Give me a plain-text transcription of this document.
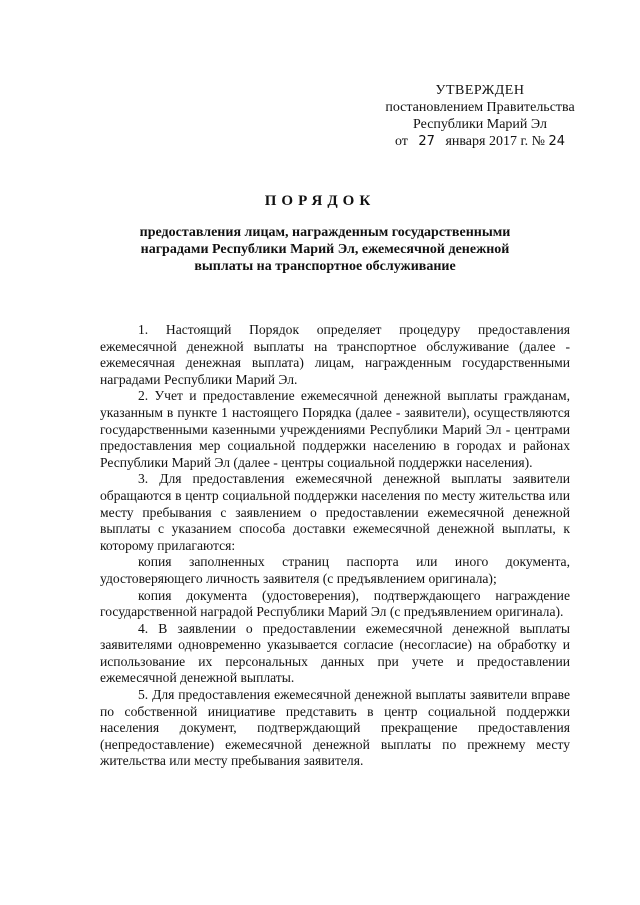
УТВЕРЖДЕН
постановлением Правительства
Республики Марий Эл
от 27 января 2017 г. № 24
ПОРЯДОК
предоставления лицам, награжденным государственными наградами Республики Марий Эл, ежемесячной денежной выплаты на транспортное обслуживание

1. Настоящий Порядок определяет процедуру предоставления ежемесячной денежной выплаты на транспортное обслуживание (далее - ежемесячная денежная выплата) лицам, награжденным государственными наградами Республики Марий Эл.

2. Учет и предоставление ежемесячной денежной выплаты гражданам, указанным в пункте 1 настоящего Порядка (далее - заявители), осуществляются государственными казенными учреждениями Республики Марий Эл - центрами предоставления мер социальной поддержки населению в городах и районах Республики Марий Эл (далее - центры социальной поддержки населения).

3. Для предоставления ежемесячной денежной выплаты заявители обращаются в центр социальной поддержки населения по месту жительства или месту пребывания с заявлением о предоставлении ежемесячной денежной выплаты с указанием способа доставки ежемесячной денежной выплаты, к которому прилагаются:

копия заполненных страниц паспорта или иного документа, удостоверяющего личность заявителя (с предъявлением оригинала);

копия документа (удостоверения), подтверждающего награждение государственной наградой Республики Марий Эл (с предъявлением оригинала).

4. В заявлении о предоставлении ежемесячной денежной выплаты заявителями одновременно указывается согласие (несогласие) на обработку и использование их персональных данных при учете и предоставлении ежемесячной денежной выплаты.

5. Для предоставления ежемесячной денежной выплаты заявители вправе по собственной инициативе представить в центр социальной поддержки населения документ, подтверждающий прекращение предоставления (непредоставление) ежемесячной денежной выплаты по прежнему месту жительства или месту пребывания заявителя.
